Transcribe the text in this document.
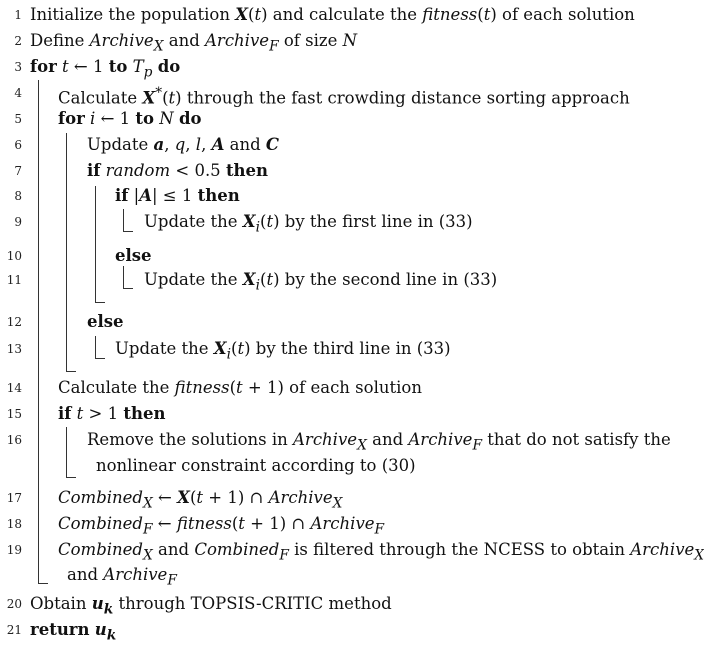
1 Initialize the population X(t) and calculate the fitness(t) of each solution
2 Define Archive$_X$ and Archive$_F$ of size N
3 for t ← 1 to $T_p$ do
4 Calculate X*(t) through the fast crowding distance sorting approach
5 for i ← 1 to N do
6	Update a, q, l, A and C
7	if random < 0.5 then
8	if |A| ≤ 1 then
9	Update the $X_i(t)$ by the first line in (33)
10	else
11	Update the $X_i(t)$ by the second line in (33)
12	else
13	Update the $X_i(t)$ by the third line in (33)
14 Calculate the fitness(t + 1) of each solution
15 if t > 1 then
16	Remove the solutions in Archive$_X$ and Archive$_F$ that do not satisfy the
nonlinear constraint according to (30)
17 Combined$_X$ ← X(t + 1) ∩ Archive$_X$
18 Combined$_F$ ← fitness(t + 1) ∩ Archive$_F$
19 Combined$_X$ and Combined$_F$ is filtered through the NCESS to obtain Archive$_X$
and Archive$_F$
20 Obtain $u_k$ through TOPSIS-CRITIC method
21 return $u_k$
